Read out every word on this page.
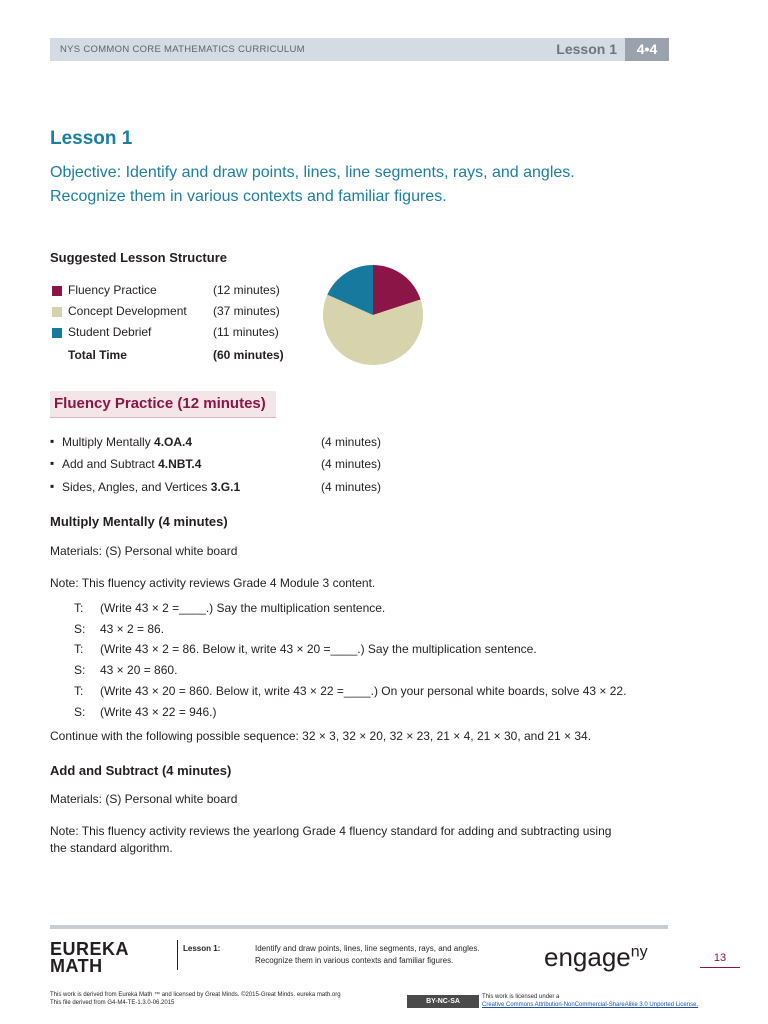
NYS COMMON CORE MATHEMATICS CURRICULUM	Lesson 1	4•4
Lesson 1
Objective: Identify and draw points, lines, line segments, rays, and angles.
Recognize them in various contexts and familiar figures.
Suggested Lesson Structure
Fluency Practice	(12 minutes)
Concept Development (37 minutes)
Student Debrief	(11 minutes)
Total Time	(60 minutes)
Fluency Practice (12 minutes)
▪ Multiply Mentally 4.OA.4	(4 minutes)
▪ Add and Subtract 4.NBT.4	(4 minutes)
▪ Sides, Angles, and Vertices 3.G.1	(4 minutes)
Multiply Mentally (4 minutes)
Materials: (S) Personal white board
Note: This fluency activity reviews Grade 4 Module 3 content.
T: (Write 43 × 2 =____.) Say the multiplication sentence.
S: 43 × 2 = 86.
T: (Write 43 × 2 = 86. Below it, write 43 × 20 =____.) Say the multiplication sentence.
S: 43 × 20 = 860.
T: (Write 43 × 20 = 860. Below it, write 43 × 22 =____.) On your personal white boards, solve 43 × 22.
S: (Write 43 × 22 = 946.)
Continue with the following possible sequence: 32 × 3, 32 × 20, 32 × 23, 21 × 4, 21 × 30, and 21 × 34.
Add and Subtract (4 minutes)
Materials: (S) Personal white board
Note: This fluency activity reviews the yearlong Grade 4 fluency standard for adding and subtracting using
the standard algorithm.
EUREKA
MATH
Lesson 1:	Identify and draw points, lines, line segments, rays, and angles.
Recognize them in various contexts and familiar figures.	engage$^{ny}$	13
This work is derived from Eureka Math ™ and licensed by Great Minds. ©2015-Great Minds. eureka math.org
This file derived from G4-M4-TE-1.3.0-06.2015	BY-NC-SA
This work is licensed under a
Creative Commons Attribution-NonCommercial-ShareAlike 3.0 Unported License.
